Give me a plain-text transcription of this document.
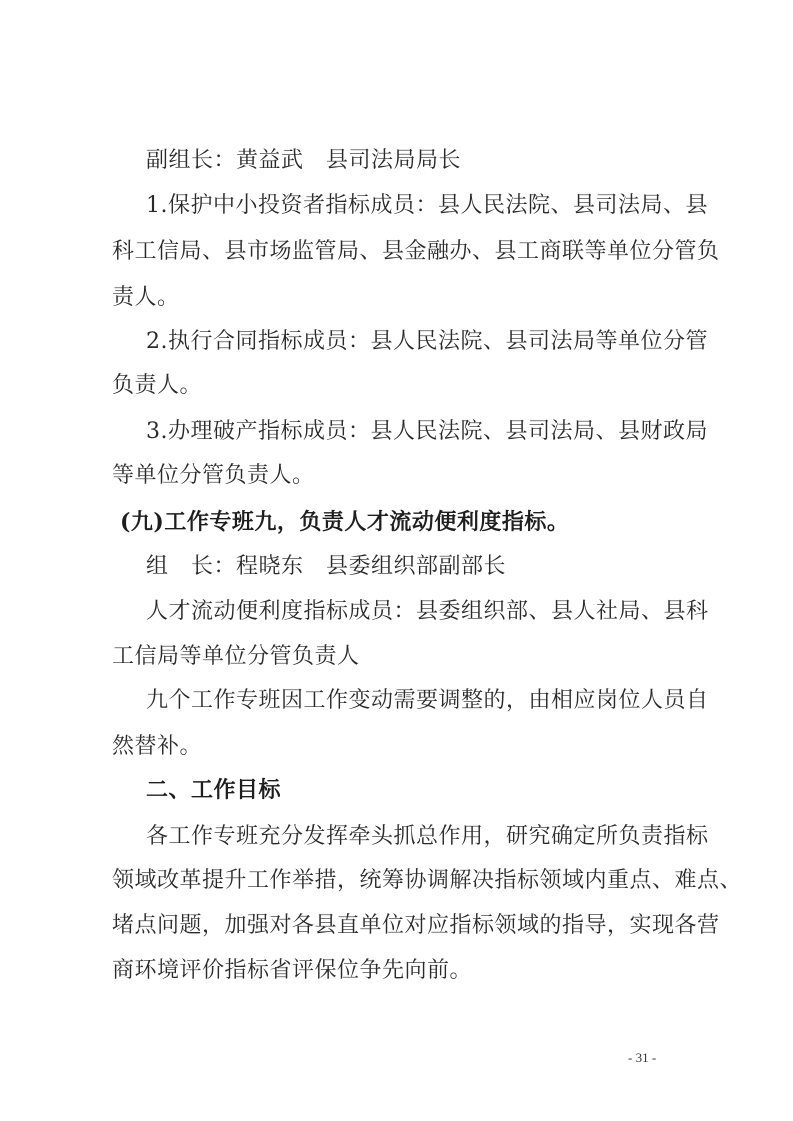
副组长：黄益武　县司法局局长
1.保护中小投资者指标成员：县人民法院、县司法局、县
科工信局、县市场监管局、县金融办、县工商联等单位分管负
责人。
2.执行合同指标成员：县人民法院、县司法局等单位分管
负责人。
3.办理破产指标成员：县人民法院、县司法局、县财政局
等单位分管负责人。
(九)工作专班九，负责人才流动便利度指标。
组　长：程晓东　县委组织部副部长
人才流动便利度指标成员：县委组织部、县人社局、县科
工信局等单位分管负责人
九个工作专班因工作变动需要调整的，由相应岗位人员自
然替补。
二、工作目标
各工作专班充分发挥牵头抓总作用，研究确定所负责指标
领域改革提升工作举措，统筹协调解决指标领域内重点、难点、
堵点问题，加强对各县直单位对应指标领域的指导，实现各营
商环境评价指标省评保位争先向前。
- 31 -
